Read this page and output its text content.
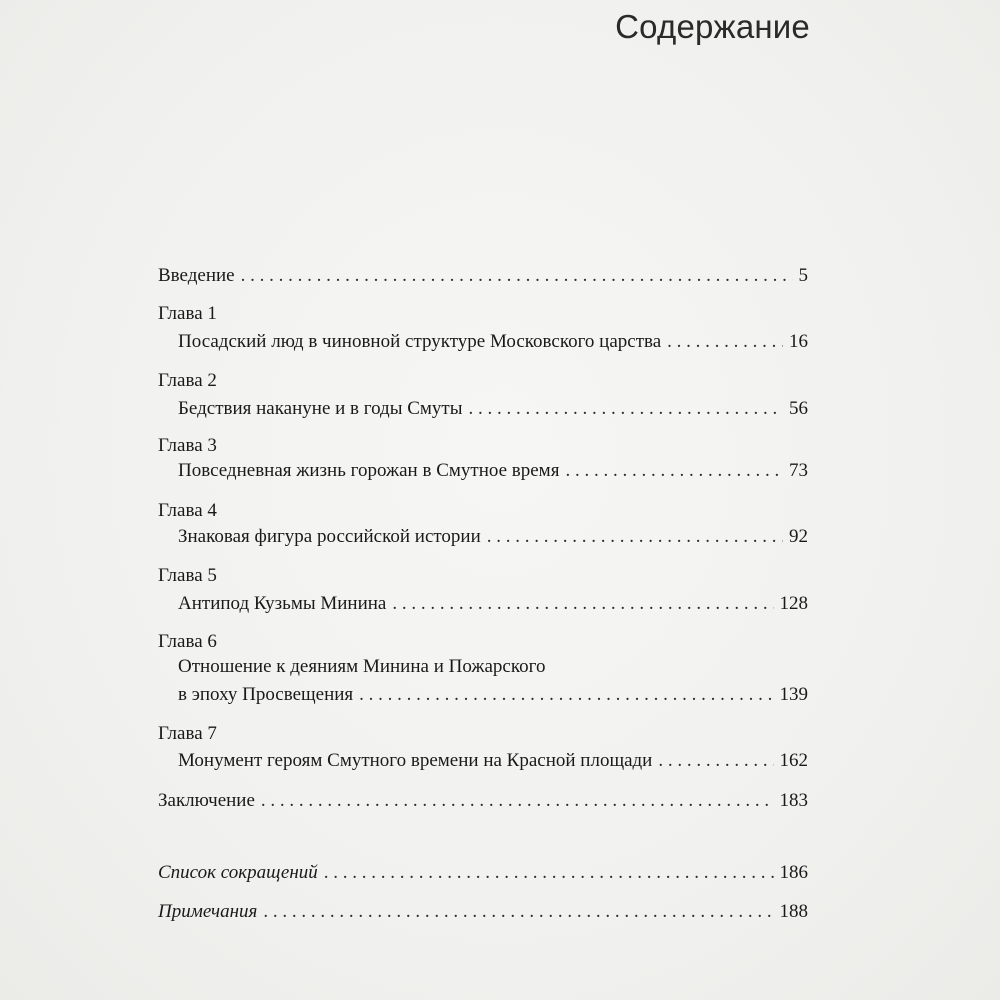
Содержание
Введение . . .	5
Глава 1
Посадский люд в чиновной структуре Московского царства . . .	16
Глава 2
Бедствия накануне и в годы Смуты . . .	56
Глава 3
Повседневная жизнь горожан в Смутное время . . .	73
Глава 4
Знаковая фигура российской истории . . .	92
Глава 5
Антипод Кузьмы Минина . . .	128
Глава 6
Отношение к деяниям Минина и Пожарского
в эпоху Просвещения . . .	139
Глава 7
Монумент героям Смутного времени на Красной площади . . .	162
Заключение . . .	183
Список сокращений . . .	186
Примечания . . .	188
